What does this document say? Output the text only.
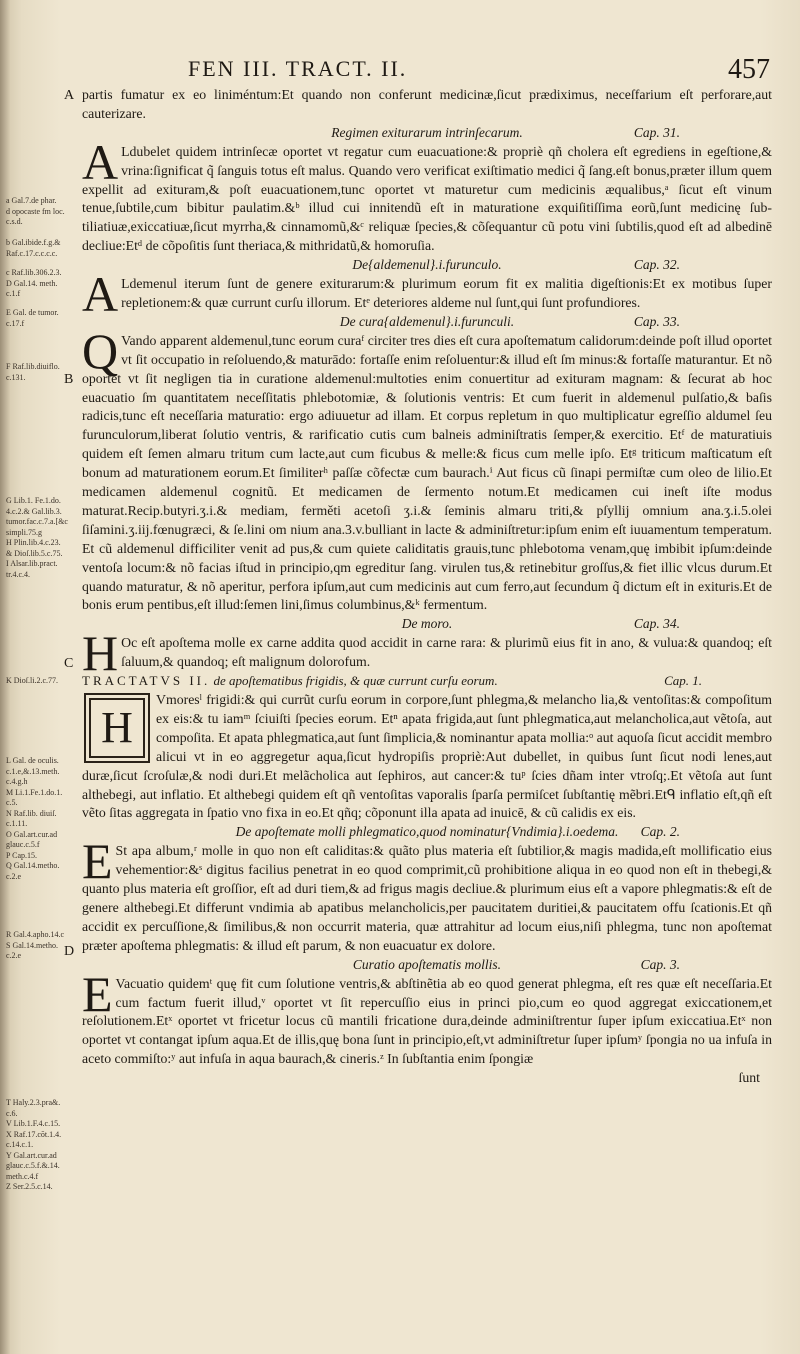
FEN III. TRACT. II.	457
A
B
C
D
a Gal.7.de phar.
d opocaste fm loc.
c.s.d.
b Gal.ibide.f.g.&
Raf.c.17.c.c.c.c.
c Raf.lib.306.2.3.
D Gal.14. meth.
c.1.f
E Gal. de tumor.
c.17.f
F Raf.lib.diuiflo.
c.131.
G Lib.1. Fe.1.do.
4.c.2.& Gal.lib.3.
tumor.fac.c.7.a.[&c
simpli.75.g
H Plin.lib.4.c.23.
& Dioſ.lib.5.c.75.
I Alsar.lib.pract.
tr.4.c.4.
K Dioſ.li.2.c.77.
L Gal. de oculis.
c.1.e,&.13.meth.
c.4.g.h
M Li.1.Fe.1.do.1.
c.5.
N Raf.lib. diuiſ.
c.1.11.
O Gal.art.cur.ad
glauc.c.5.f
P Cap.15.
Q Gal.14.metho.
c.2.e
R Gal.4.apho.14.c
S Gal.14.metho.
c.2.e
T Haly.2.3.pra&.
c.6.
V Lib.1.F.4.c.15.
X Raf.17.cōt.1.4.
c.14.c.1.
Y Gal.art.cur.ad
glauc.c.5.f.&.14.
meth.c.4.f
Z Ser.2.5.c.14.

partis fumatur ex eo liniméntum:Et quando non conferunt medicinæ,ſicut prædiximus, neceſfarium eſt perforare,aut cauterizare.

Regimen exiturarum intrinſecarum.	Cap. 31.

A Ldubelet quidem intrinſecæ oportet vt regatur cum euacuatione:& propriè qñ cholera eſt egrediens in egeſtione,& vrina:ſignificat q̃ ſanguis totus eſt malus. Quando vero verificat exiſtimatio medici q̃ ſang.eſt bonus,præter illum quem expellit ad exituram,& poſt euacuationem,tunc oportet vt maturetur cum medicinis æqualibus,ᵃ ſicut eſt vinum tenue,ſubtile,cum bibitur paulatim.&ᵇ illud cui innitendũ eſt in maturatione exquiſitiſſima eorũ,ſunt medicinę ſubtiliatiuæ,exiccatiuæ,ſicut myrrha,& cinnamomũ,&ᶜ reliquæ ſpecies,& cõſequantur cũ potu vini ſubtilis,quod eſt ad albedinē decliue:Etᵈ de cõpoſitis ſunt theriaca,& mithridatũ,& homoruſia.

De{aldemenul}.i.furunculo.	Cap. 32.

A Ldemenul iterum ſunt de genere exiturarum:& plurimum eorum fit ex malitia digeſtionis:Et ex motibus ſuper repletionem:& quæ currunt curſu illorum. Etᵉ deteriores aldeme nul ſunt,qui ſunt profundiores.

De cura{aldemenul}.i.furunculi.	Cap. 33.

Q Vando apparent aldemenul,tunc eorum curaᶠ circiter tres dies eſt cura apoſtematum calidorum:deinde poſt illud oportet vt ſit occupatio in reſoluendo,& maturādo: fortaſſe enim reſoluentur:& illud eſt ſm minus:& fortaſſe maturantur. Et nõ oportet vt ſit negligen tia in curatione aldemenul:multoties enim conuertitur ad exituram magnam: & ſecurat ab hoc euacuatio ſm quantitatem neceſſitatis phlebotomiæ, & ſolutionis ventris: Et cum fuerit in aldemenul pulſatio,& baſis radicis,tunc eſt neceſſaria maturatio: ergo adiuuetur ad illam. Et corpus repletum in quo multiplicatur egreſſio aldumel ſeu furunculorum,liberat ſolutio ventris, & rarificatio cutis cum balneis adminiſtratis ſemper,& exercitio. Etᶠ de maturatiuis quidem eſt ſemen almaru tritum cum lacte,aut cum ficubus & melle:& ficus cum melle ipſo. Etᵍ triticum maſticatum eſt bonum ad maturationem eorum.Et ſimiliterʰ paſſæ cõfectæ cum baurach.ⁱ Aut ficus cũ ſinapi permiſtæ cum oleo de lilio.Et medicamen aldemenul cognitũ. Et medicamen de ſermento notum.Et medicamen cui ineſt iſte modus maturat.Recip.butyri.ʒ.i.& mediam, ferměti acetoſi ʒ.i.& ſeminis almaru triti,& pſyllij omnium ana.ʒ.i.5.olei ſiſamini.ʒ.iij.fœnugræci, & ſe.lini om nium ana.3.v.bulliant in lacte & adminiſtretur:ipſum enim eſt iuuamentum temperatum. Et cũ aldemenul difficiliter venit ad pus,& cum quiete caliditatis grauis,tunc phlebotoma venam,quę imbibit ipſum:deinde ventoſa locum:& nõ facias iſtud in principio,qm egreditur ſang. virulen tus,& retinebitur groſſus,& fiet illic vlcus durum.Et quando maturatur, & nõ aperitur, perfora ipſum,aut cum medicinis aut cum ferro,aut ſecundum q̃ dictum eſt in exituris.Et de bonis erum pentibus,eſt illud:ſemen lini,ſimus columbinus,&ᵏ fermentum.

De moro.	Cap. 34.

H Oc eſt apoſtema molle ex carne addita quod accidit in carne rara: & plurimũ eius fit in ano, & vulua:& quandoq; eſt ſaluum,& quandoq; eſt malignum dolorofum.

TRACTATVS II. de apoſtematibus frigidis, & quæ currunt curſu eorum.	Cap. 1.

H
Vmoresˡ frigidi:& qui currũt curſu eorum in corpore,ſunt phlegma,& melancho lia,& ventoſitas:& compoſitum ex eis:& tu iamᵐ ſciuiſti ſpecies eorum. Etⁿ apata frigida,aut ſunt phlegmatica,aut melancholica,aut vẽtoſa, aut compoſita. Et apata phlegmatica,aut ſunt ſimplicia,& nominantur apata mollia:ᵒ aut aquoſa ſicut accidit membro alicui vt in eo aggregetur aqua,ſicut hydropiſis propriè:Aut dubellet, in quibus ſunt ſicut nodi lenes,aut duræ,ſicut ſcroſulæ,& nodi duri.Et melãcholica aut ſephiros, aut cancer:& tuᵖ ſcies dñam inter vtroſq;.Et vẽtoſa aut ſunt althebegi, aut inflatio. Et althebegi quidem eſt qñ ventoſitas vaporalis ſparſa permiſcet ſubſtantię mẽbri.Etᑫ inflatio eſt,qñ eſt vẽto ſitas aggregata in ſpatio vno fixa in eo.Et qñq; cõponunt illa apata ad inuicē, & cũ calidis ex eis.

De apoſtemate molli phlegmatico,quod nominatur{Vndimia}.i.oedema. Cap. 2.

E St apa album,ʳ molle in quo non eſt caliditas:& quãto plus materia eſt ſubtilior,& magis madida,eſt mollificatio eius vehementior:&ˢ digitus facilius penetrat in eo quod comprimit,cũ prohibitione aliqua in eo quod non eſt in thebegi,& quanto plus materia eſt groſſior, eſt ad duri tiem,& ad frigus magis decliue.& plurimum eius eſt a vapore phlegmatis:& eſt de genere althebegi.Et differunt vndimia ab apatibus melancholicis,per paucitatem duritiei,& paucitatem offu ſcationis.Et qñ accidit ex percuſſione,& ſimilibus,& non occurrit materia, quæ attrahitur ad locum eius,niſi phlegma, tunc non apoſtemat præter apoſtema phlegmatis: & illud eſt parum, & non euacuatur ex dolore.

Curatio apoſtematis mollis.	Cap. 3.

E Vacuatio quidemᵗ quę fit cum ſolutione ventris,& abſtinẽtia ab eo quod generat phlegma, eſt res quæ eſt neceſſaria.Et cum factum fuerit illud,ᵛ oportet vt ſit repercuſſio eius in princi pio,cum eo quod aggregat exiccationem,et reſolutionem.Etˣ oportet vt fricetur locus cũ mantili fricatione dura,deinde adminiſtrentur ſuper ipſum exiccatiua.Etˣ non oportet vt contangat ipſum aqua.Et de illis,quę bona ſunt in principio,eſt,vt adminiſtretur ſuper ipſumʸ ſpongia no ua infuſa in aceto commiſto:ʸ aut infuſa in aqua baurach,& cineris.ᶻ In ſubſtantia enim ſpongiæ

ſunt
